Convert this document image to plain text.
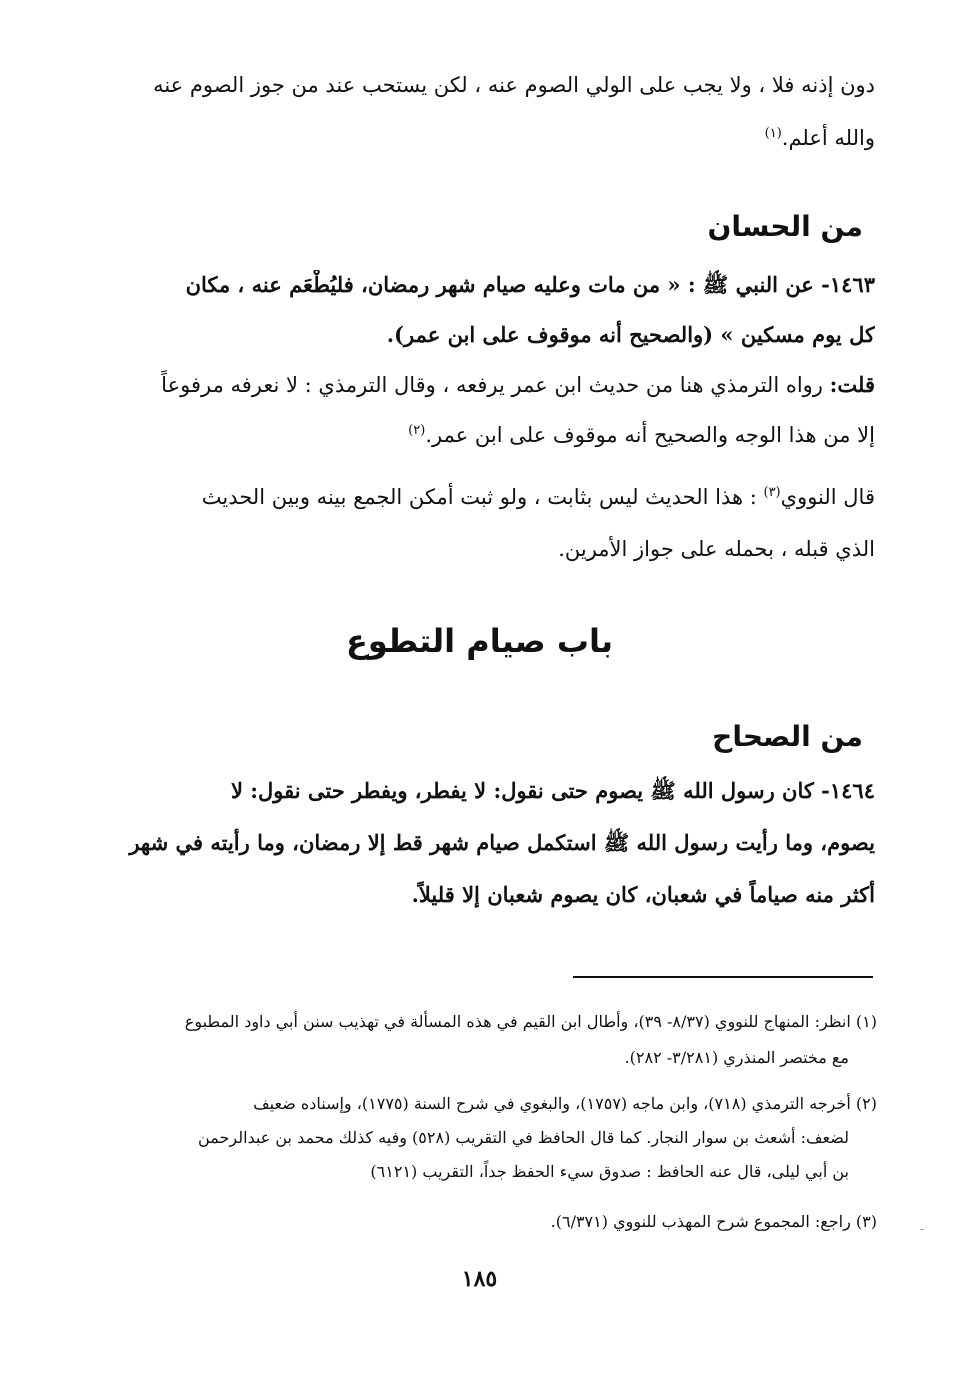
دون إذنه فلا ، ولا يجب على الولي الصوم عنه ، لكن يستحب عند من جوز الصوم عنه
والله أعلم.$^{(١)}$
من الحسان
١٤٦٣- عن النبي ﷺ : « من مات وعليه صيام شهر رمضان، فليُطْعَم عنه ، مكان
كل يوم مسكين » (والصحيح أنه موقوف على ابن عمر).
قلت: رواه الترمذي هنا من حديث ابن عمر يرفعه ، وقال الترمذي : لا نعرفه مرفوعاً
إلا من هذا الوجه والصحيح أنه موقوف على ابن عمر.$^{(٢)}$
قال النووي$^{(٣)}$ : هذا الحديث ليس بثابت ، ولو ثبت أمكن الجمع بينه وبين الحديث
الذي قبله ، بحمله على جواز الأمرين.
باب صيام التطوع
من الصحاح
١٤٦٤- كان رسول الله ﷺ يصوم حتى نقول: لا يفطر، ويفطر حتى نقول: لا
يصوم، وما رأيت رسول الله ﷺ استكمل صيام شهر قط إلا رمضان، وما رأيته في شهر
أكثر منه صياماً في شعبان، كان يصوم شعبان إلا قليلاً.
(١) انظر: المنهاج للنووي (٨/٣٧- ٣٩)، وأطال ابن القيم في هذه المسألة في تهذيب سنن أبي داود المطبوع
مع مختصر المنذري (٣/٢٨١- ٢٨٢).
(٢) أخرجه الترمذي (٧١٨)، وابن ماجه (١٧٥٧)، والبغوي في شرح السنة (١٧٧٥)، وإسناده ضعيف
لضعف: أشعث بن سوار النجار. كما قال الحافظ في التقريب (٥٢٨) وفيه كذلك محمد بن عبدالرحمن
بن أبي ليلى، قال عنه الحافظ : صدوق سيء الحفظ جداً، التقريب (٦١٢١)
(٣) راجع: المجموع شرح المهذب للنووي (٦/٣٧١).
١٨٥
-
